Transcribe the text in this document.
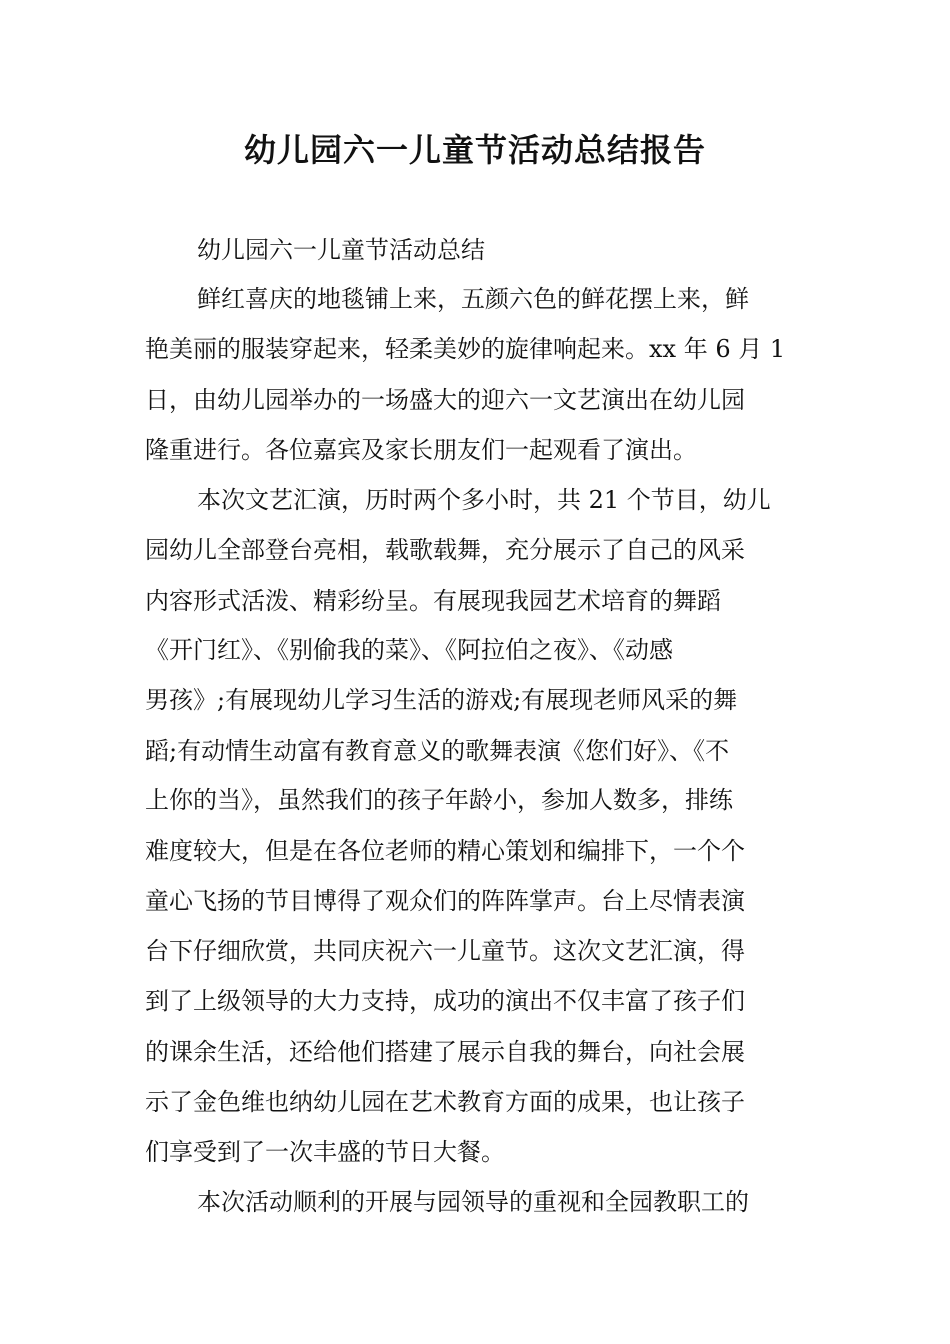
幼儿园六一儿童节活动总结报告

幼儿园六一儿童节活动总结

鲜红喜庆的地毯铺上来，五颜六色的鲜花摆上来，鲜

艳美丽的服装穿起来，轻柔美妙的旋律响起来。xx 年 6 月 1

日，由幼儿园举办的一场盛大的迎六一文艺演出在幼儿园

隆重进行。各位嘉宾及家长朋友们一起观看了演出。

本次文艺汇演，历时两个多小时，共 21 个节目，幼儿

园幼儿全部登台亮相，载歌载舞，充分展示了自己的风采

内容形式活泼、精彩纷呈。有展现我园艺术培育的舞蹈

《开门红》、《别偷我的菜》、《阿拉伯之夜》、《动感

男孩》;有展现幼儿学习生活的游戏;有展现老师风采的舞

蹈;有动情生动富有教育意义的歌舞表演《您们好》、《不

上你的当》，虽然我们的孩子年龄小，参加人数多，排练

难度较大，但是在各位老师的精心策划和编排下，一个个

童心飞扬的节目博得了观众们的阵阵掌声。台上尽情表演

台下仔细欣赏，共同庆祝六一儿童节。这次文艺汇演，得

到了上级领导的大力支持，成功的演出不仅丰富了孩子们

的课余生活，还给他们搭建了展示自我的舞台，向社会展

示了金色维也纳幼儿园在艺术教育方面的成果，也让孩子

们享受到了一次丰盛的节日大餐。

本次活动顺利的开展与园领导的重视和全园教职工的
